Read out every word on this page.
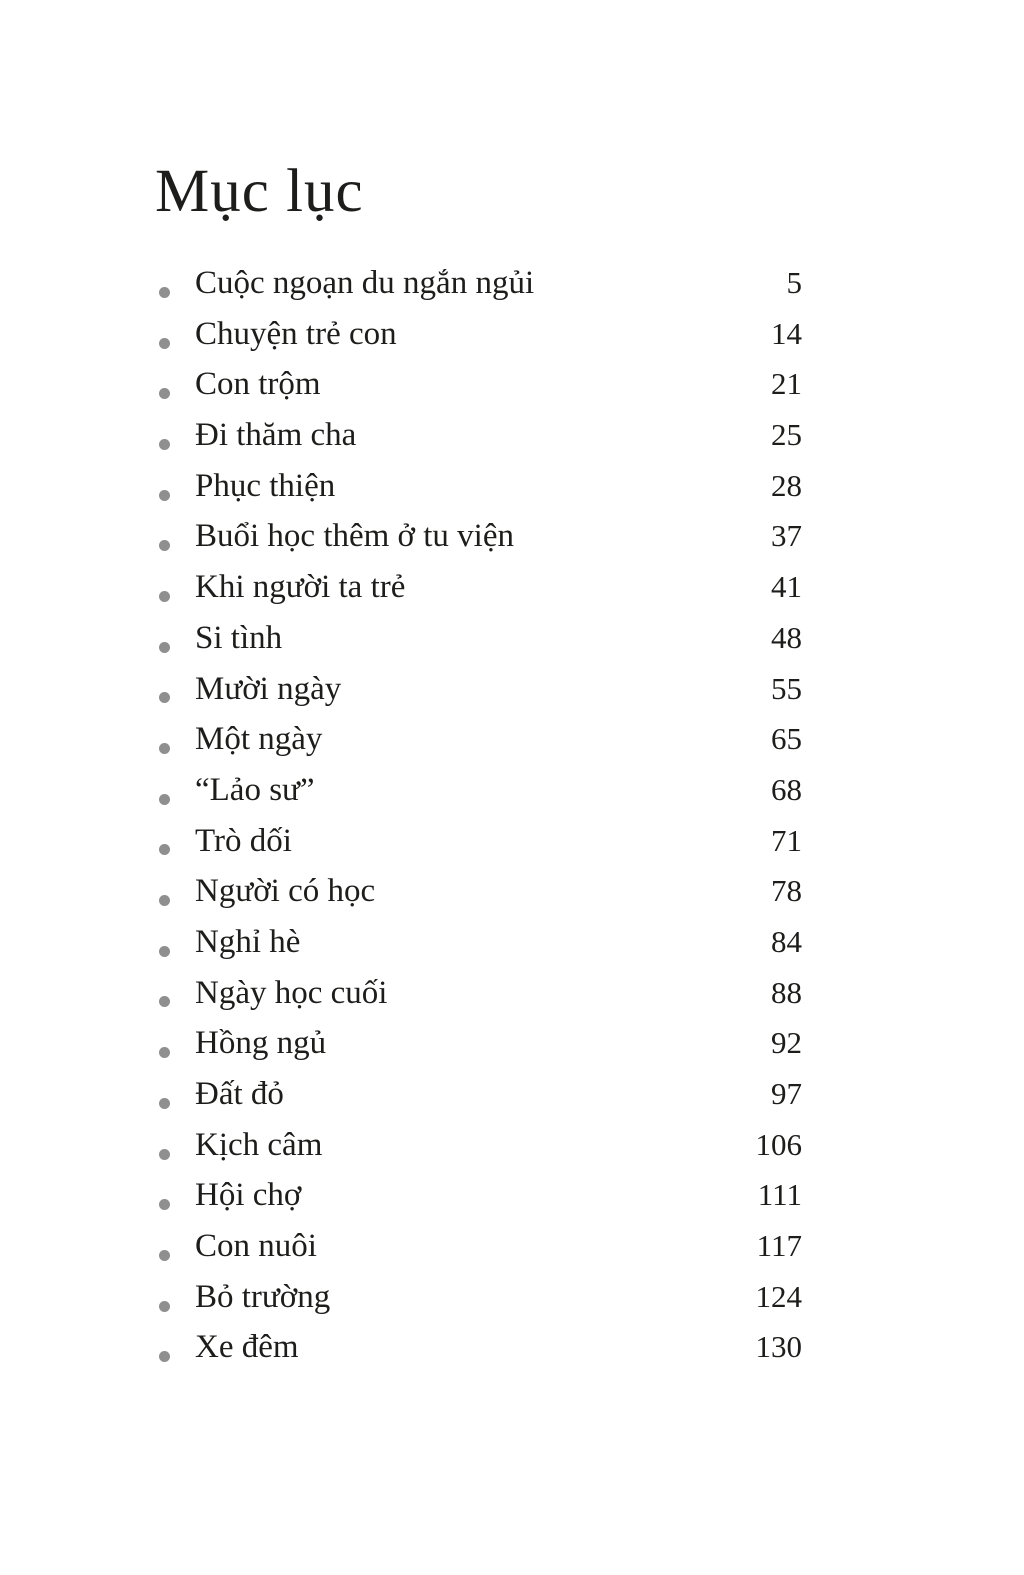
Mục lục
Cuộc ngoạn du ngắn ngủi	5
Chuyện trẻ con	14
Con trộm	21
Đi thăm cha	25
Phục thiện	28
Buổi học thêm ở tu viện	37
Khi người ta trẻ	41
Si tình	48
Mười ngày	55
Một ngày	65
“Lảo sư”	68
Trò dối	71
Người có học	78
Nghỉ hè	84
Ngày học cuối	88
Hồng ngủ	92
Đất đỏ	97
Kịch câm	106
Hội chợ	111
Con nuôi	117
Bỏ trường	124
Xe đêm	130
